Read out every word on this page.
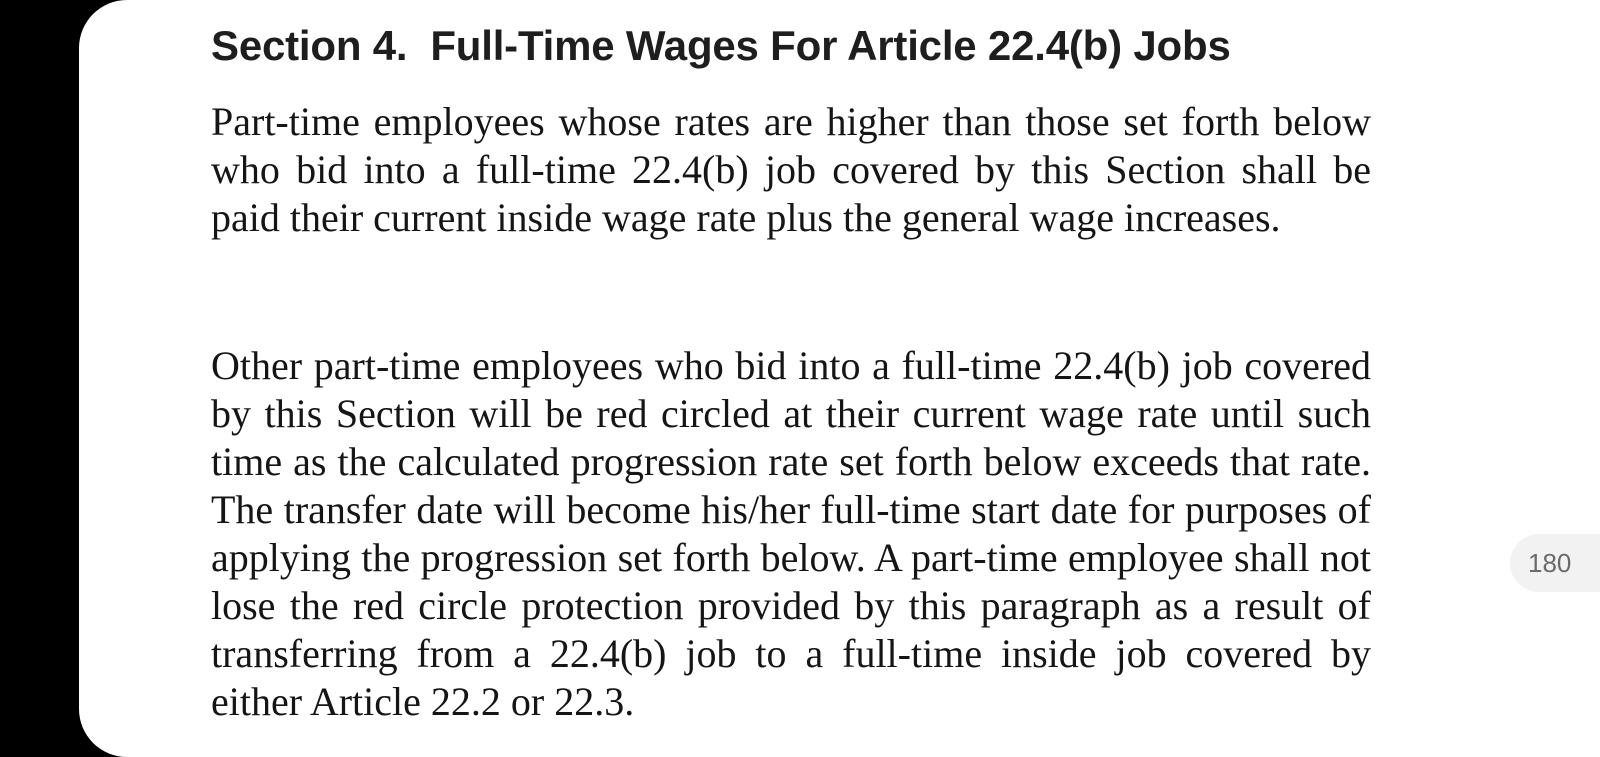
Section 4.  Full-Time Wages For Article 22.4(b) Jobs

Part-time employees whose rates are higher than those set forth below who bid into a full-time 22.4(b) job covered by this Section shall be paid their current inside wage rate plus the general wage increases.

Other part-time employees who bid into a full-time 22.4(b) job covered by this Section will be red circled at their current wage rate until such time as the calculated progression rate set forth below exceeds that rate. The transfer date will become his/her full-time start date for purposes of applying the progression set forth below. A part-time employee shall not lose the red circle protection provided by this paragraph as a result of transferring from a 22.4(b) job to a full-time inside job covered by either Article 22.2 or 22.3.

180
